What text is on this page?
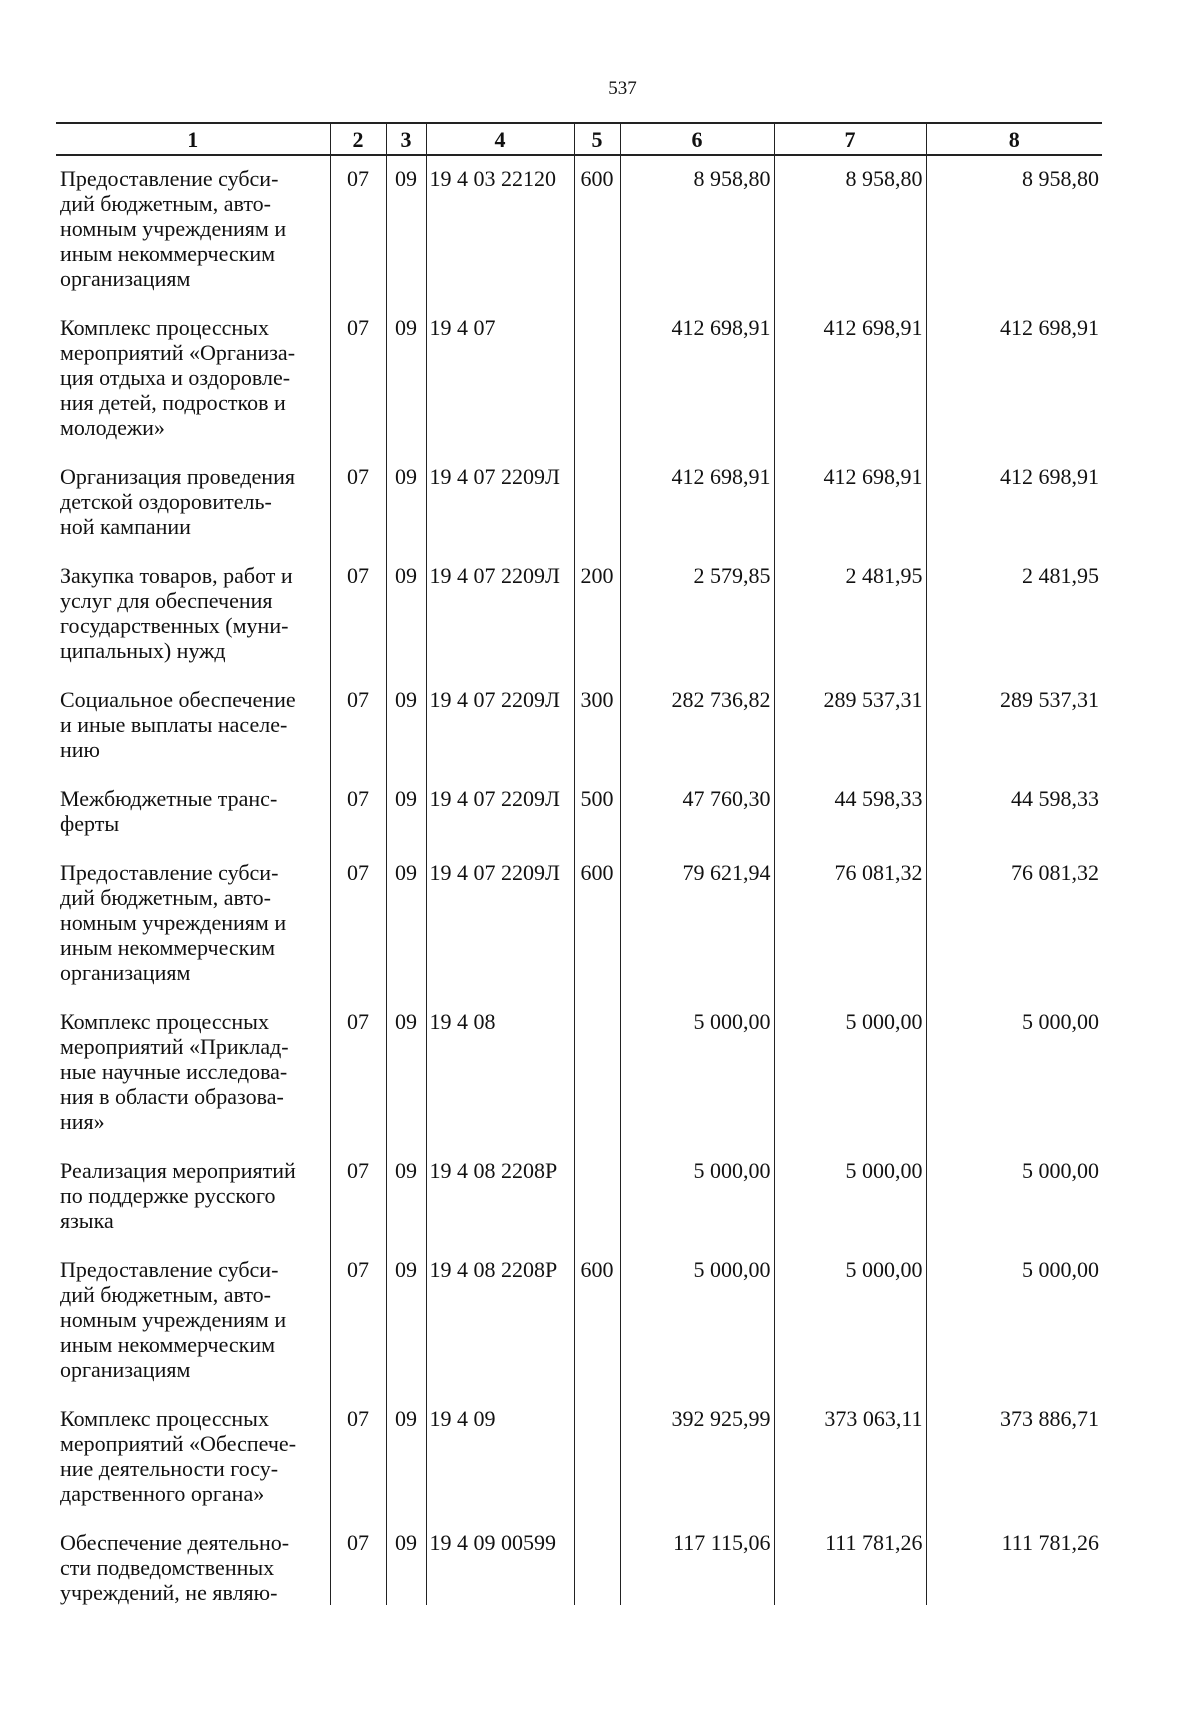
537
1	2	3	4	5	6	7	8
Предоставление субси-
дий бюджетным, авто-
номным учреждениям и
иным некоммерческим
организациям	07	09	19 4 03 22120	600	8 958,80	8 958,80	8 958,80
Комплекс процессных
мероприятий «Организа-
ция отдыха и оздоровле-
ния детей, подростков и
молодежи»	07	09	19 4 07		412 698,91	412 698,91	412 698,91
Организация проведения
детской оздоровитель-
ной кампании	07	09	19 4 07 2209Л		412 698,91	412 698,91	412 698,91
Закупка товаров, работ и
услуг для обеспечения
государственных (муни-
ципальных) нужд	07	09	19 4 07 2209Л	200	2 579,85	2 481,95	2 481,95
Социальное обеспечение
и иные выплаты населе-
нию	07	09	19 4 07 2209Л	300	282 736,82	289 537,31	289 537,31
Межбюджетные транс-
ферты	07	09	19 4 07 2209Л	500	47 760,30	44 598,33	44 598,33
Предоставление субси-
дий бюджетным, авто-
номным учреждениям и
иным некоммерческим
организациям	07	09	19 4 07 2209Л	600	79 621,94	76 081,32	76 081,32
Комплекс процессных
мероприятий «Приклад-
ные научные исследова-
ния в области образова-
ния»	07	09	19 4 08		5 000,00	5 000,00	5 000,00
Реализация мероприятий
по поддержке русского
языка	07	09	19 4 08 2208Р		5 000,00	5 000,00	5 000,00
Предоставление субси-
дий бюджетным, авто-
номным учреждениям и
иным некоммерческим
организациям	07	09	19 4 08 2208Р	600	5 000,00	5 000,00	5 000,00
Комплекс процессных
мероприятий «Обеспече-
ние деятельности госу-
дарственного органа»	07	09	19 4 09		392 925,99	373 063,11	373 886,71
Обеспечение деятельно-
сти подведомственных
учреждений, не являю-	07	09	19 4 09 00599		117 115,06	111 781,26	111 781,26
